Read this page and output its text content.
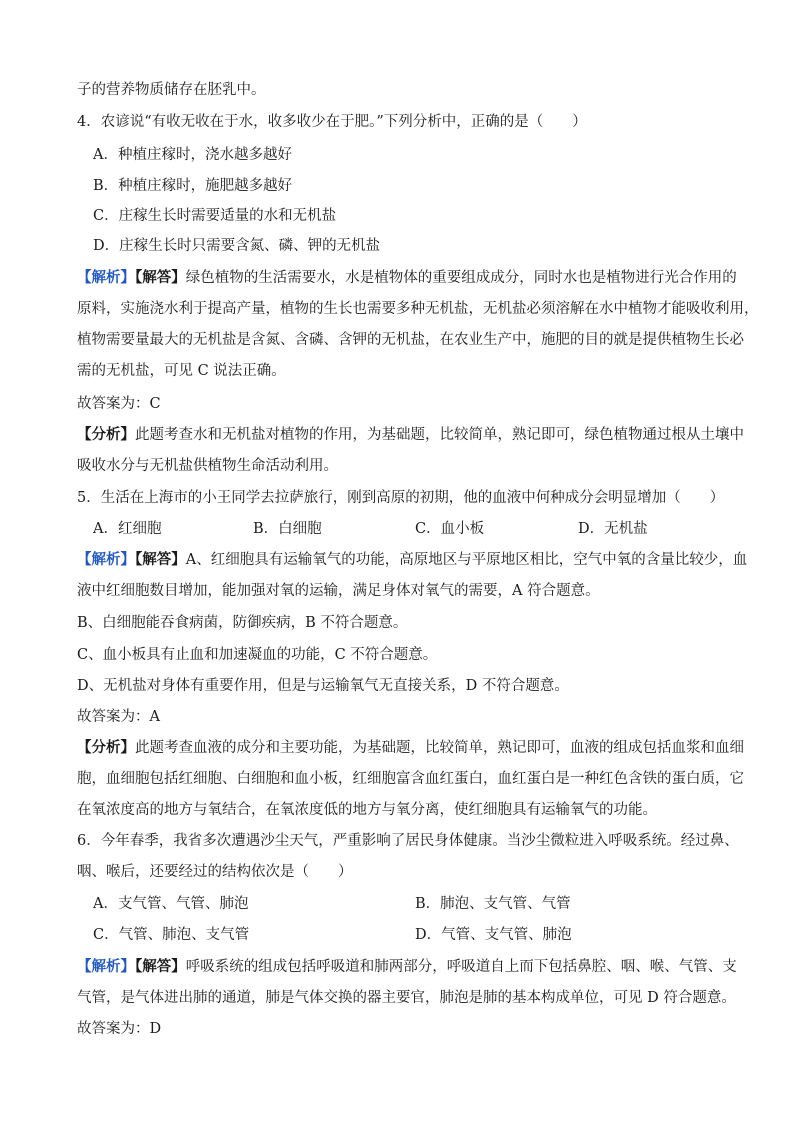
子的营养物质储存在胚乳中。
4．农谚说“有收无收在于水，收多收少在于肥。”下列分析中，正确的是（　　）
A．种植庄稼时，浇水越多越好
B．种植庄稼时，施肥越多越好
C．庄稼生长时需要适量的水和无机盐
D．庄稼生长时只需要含氮、磷、钾的无机盐
【解析】【解答】绿色植物的生活需要水，水是植物体的重要组成成分，同时水也是植物进行光合作用的
原料，实施浇水利于提高产量，植物的生长也需要多种无机盐，无机盐必须溶解在水中植物才能吸收利用，
植物需要量最大的无机盐是含氮、含磷、含钾的无机盐，在农业生产中，施肥的目的就是提供植物生长必
需的无机盐，可见 C 说法正确。
故答案为：C
【分析】此题考查水和无机盐对植物的作用，为基础题，比较简单，熟记即可，绿色植物通过根从土壤中
吸收水分与无机盐供植物生命活动利用。
5．生活在上海市的小王同学去拉萨旅行，刚到高原的初期，他的血液中何种成分会明显增加（　　）
A．红细胞	B．白细胞	C．血小板	D．无机盐
【解析】【解答】A、红细胞具有运输氧气的功能，高原地区与平原地区相比，空气中氧的含量比较少，血
液中红细胞数目增加，能加强对氧的运输，满足身体对氧气的需要，A 符合题意。
B、白细胞能吞食病菌，防御疾病，B 不符合题意。
C、血小板具有止血和加速凝血的功能，C 不符合题意。
D、无机盐对身体有重要作用，但是与运输氧气无直接关系，D 不符合题意。
故答案为：A
【分析】此题考查血液的成分和主要功能，为基础题，比较简单，熟记即可，血液的组成包括血浆和血细
胞，血细胞包括红细胞、白细胞和血小板，红细胞富含血红蛋白，血红蛋白是一种红色含铁的蛋白质，它
在氧浓度高的地方与氧结合，在氧浓度低的地方与氧分离，使红细胞具有运输氧气的功能。
6．今年春季，我省多次遭遇沙尘天气，严重影响了居民身体健康。当沙尘微粒进入呼吸系统。经过鼻、
咽、喉后，还要经过的结构依次是（　　）
A．支气管、气管、肺泡	B．肺泡、支气管、气管
C．气管、肺泡、支气管	D．气管、支气管、肺泡
【解析】【解答】呼吸系统的组成包括呼吸道和肺两部分，呼吸道自上而下包括鼻腔、咽、喉、气管、支
气管，是气体进出肺的通道，肺是气体交换的器主要官，肺泡是肺的基本构成单位，可见 D 符合题意。
故答案为：D
